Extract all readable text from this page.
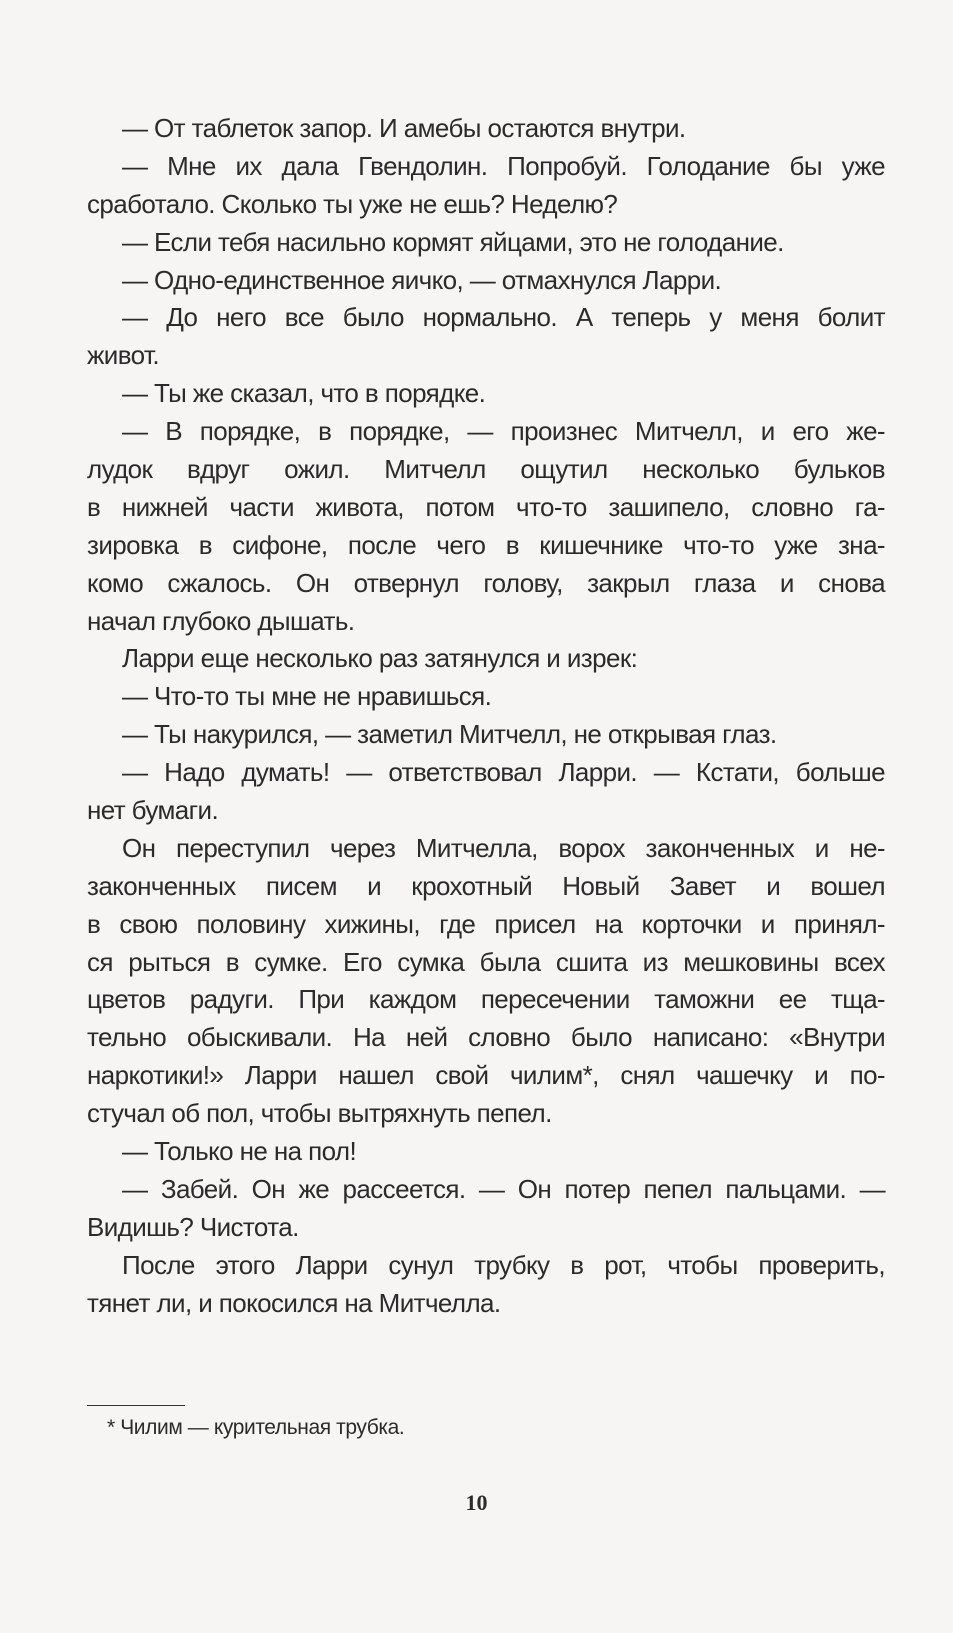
— От таблеток запор. И амебы остаются внутри.
— Мне их дала Гвендолин. Попробуй. Голодание бы уже
сработало. Сколько ты уже не ешь? Неделю?
— Если тебя насильно кормят яйцами, это не голодание.
— Одно-единственное яичко, — отмахнулся Ларри.
— До него все было нормально. А теперь у меня болит
живот.
— Ты же сказал, что в порядке.
— В порядке, в порядке, — произнес Митчелл, и его же-
лудок вдруг ожил. Митчелл ощутил несколько бульков
в нижней части живота, потом что-то зашипело, словно га-
зировка в сифоне, после чего в кишечнике что-то уже зна-
комо сжалось. Он отвернул голову, закрыл глаза и снова
начал глубоко дышать.
Ларри еще несколько раз затянулся и изрек:
— Что-то ты мне не нравишься.
— Ты накурился, — заметил Митчелл, не открывая глаз.
— Надо думать! — ответствовал Ларри. — Кстати, больше
нет бумаги.
Он переступил через Митчелла, ворох законченных и не-
законченных писем и крохотный Новый Завет и вошел
в свою половину хижины, где присел на корточки и принял-
ся рыться в сумке. Его сумка была сшита из мешковины всех
цветов радуги. При каждом пересечении таможни ее тща-
тельно обыскивали. На ней словно было написано: «Внутри
наркотики!» Ларри нашел свой чилим*, снял чашечку и по-
стучал об пол, чтобы вытряхнуть пепел.
— Только не на пол!
— Забей. Он же рассеется. — Он потер пепел пальцами. —
Видишь? Чистота.
После этого Ларри сунул трубку в рот, чтобы проверить,
тянет ли, и покосился на Митчелла.
* Чилим — курительная трубка.
10
